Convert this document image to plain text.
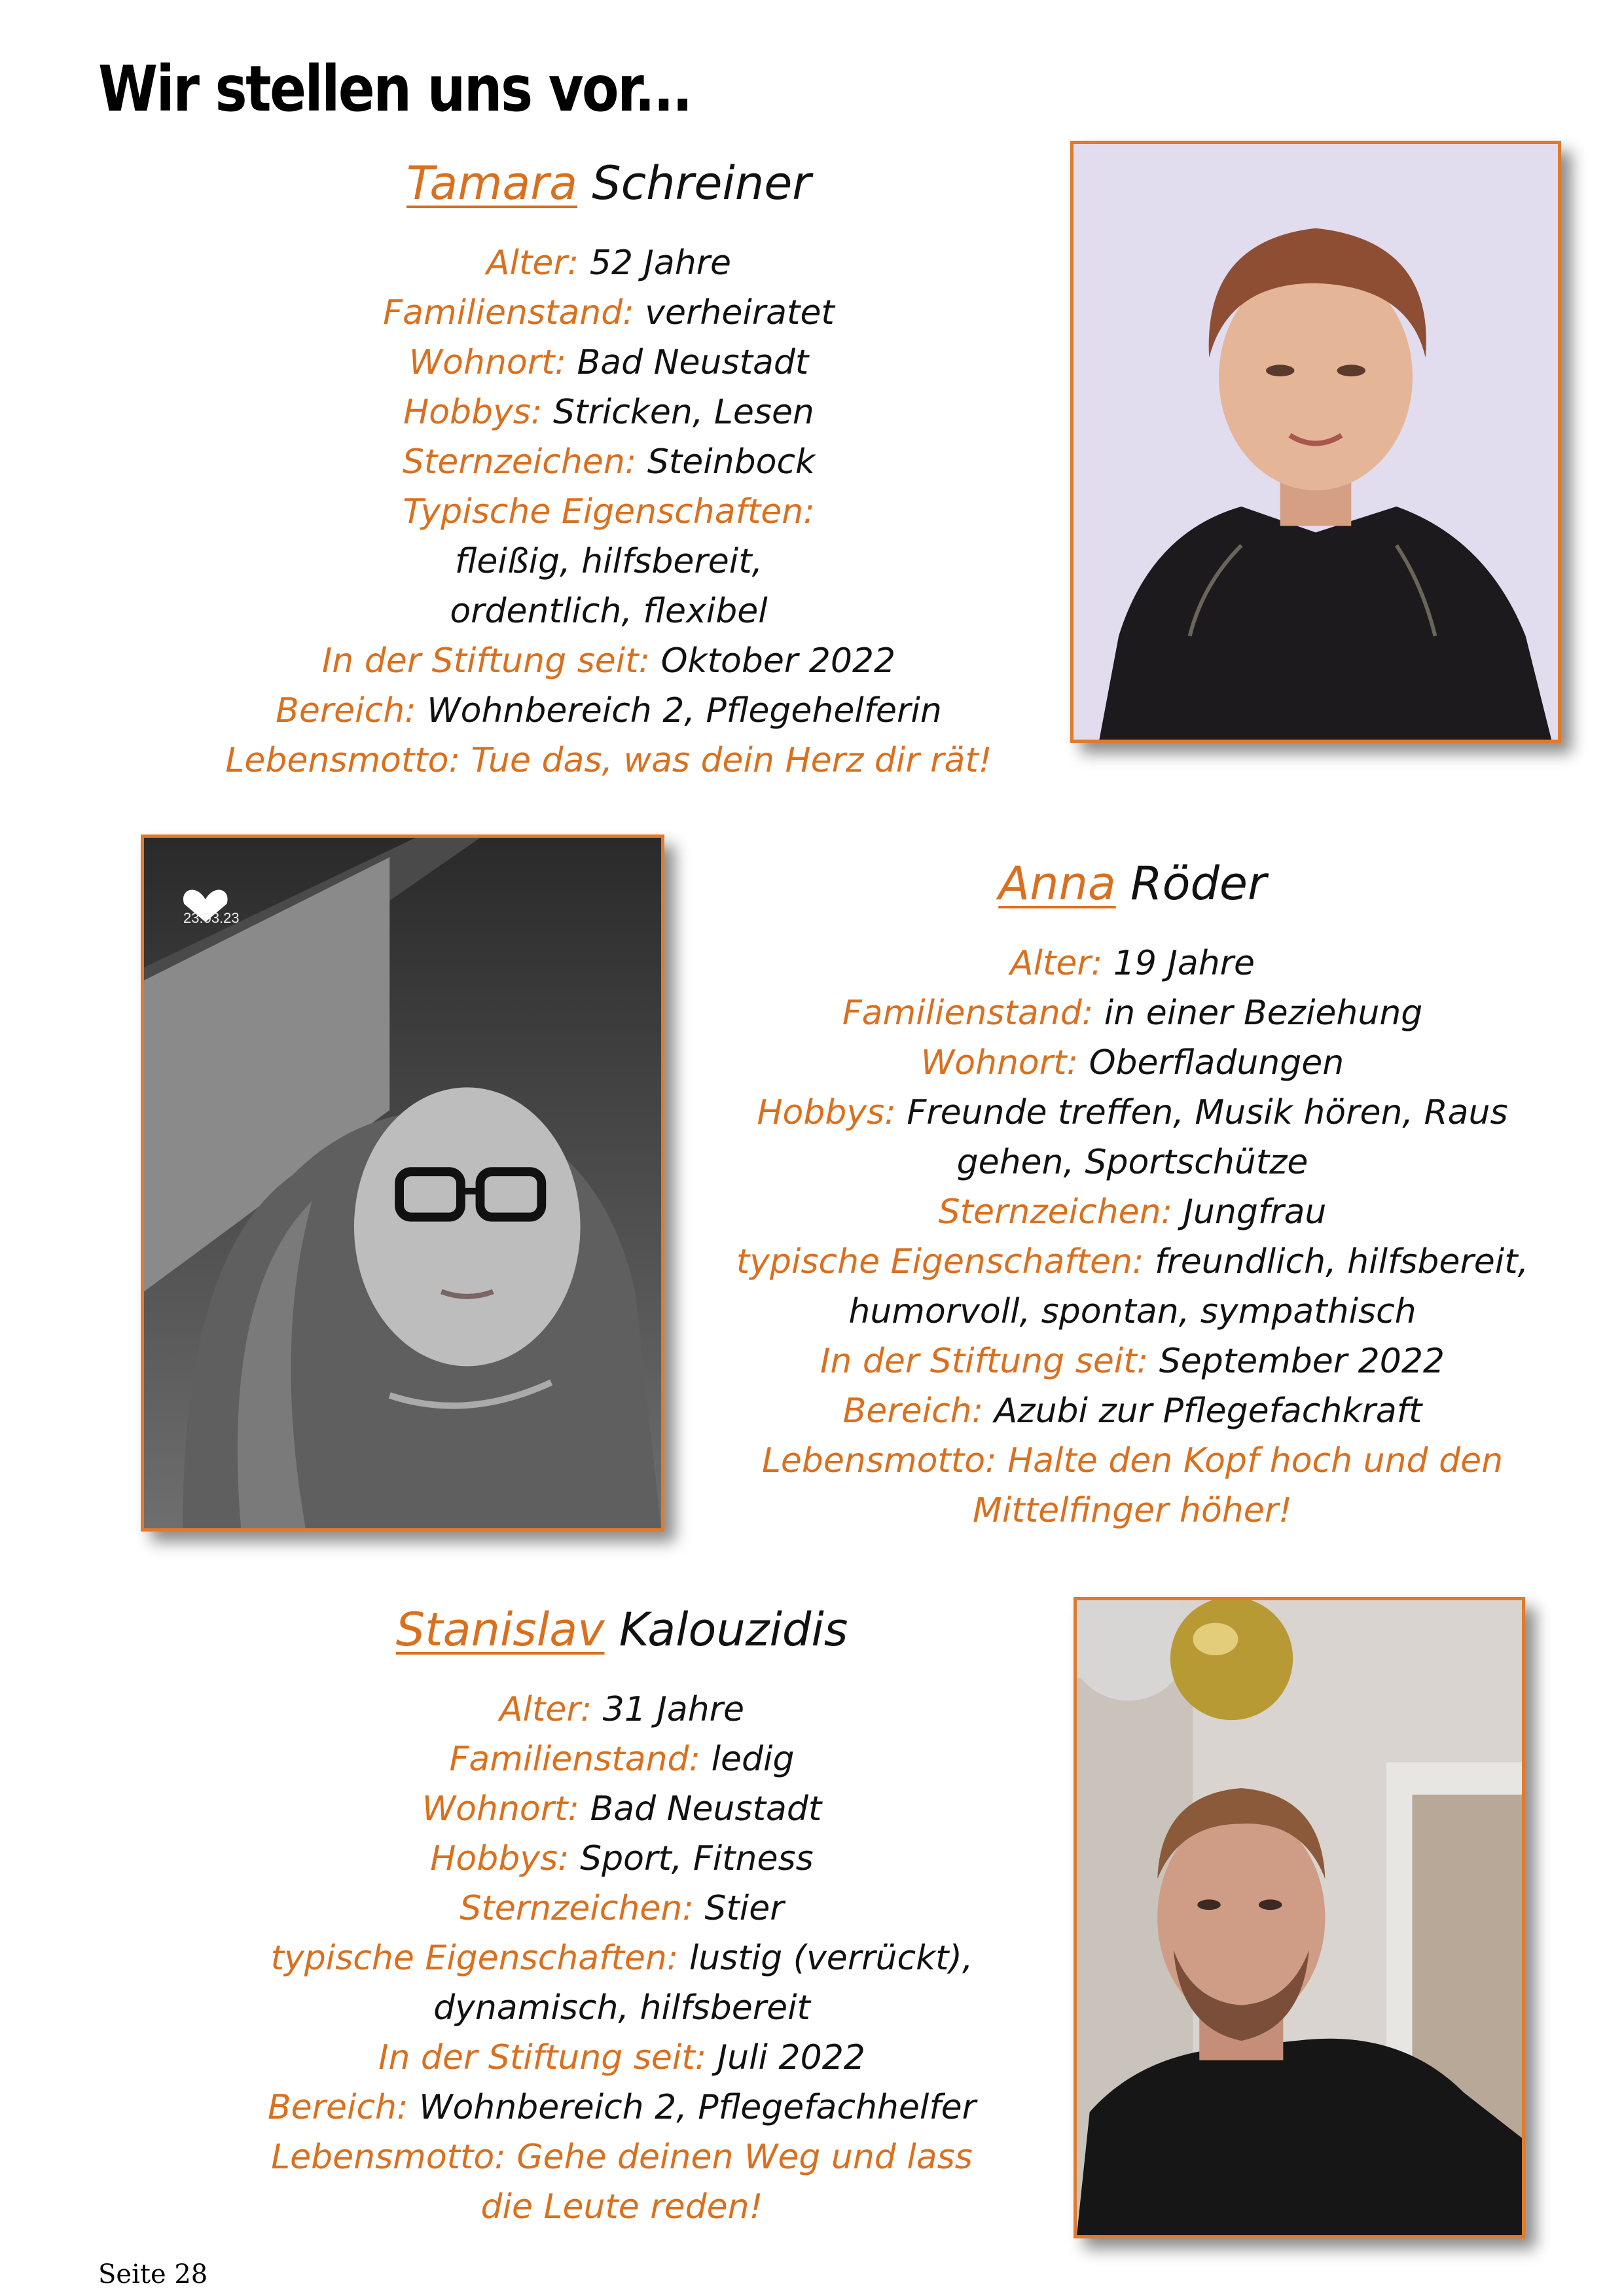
Wir stellen uns vor...
Tamara Schreiner
Alter: 52 Jahre
Familienstand: verheiratet
Wohnort: Bad Neustadt
Hobbys: Stricken, Lesen
Sternzeichen: Steinbock
Typische Eigenschaften: fleißig, hilfsbereit, ordentlich, flexibel
In der Stiftung seit: Oktober 2022
Bereich: Wohnbereich 2, Pflegehelferin
Lebensmotto: Tue das, was dein Herz dir rät!
23.03.23
Anna Röder
Alter: 19 Jahre
Familienstand: in einer Beziehung
Wohnort: Oberfladungen
Hobbys: Freunde treffen, Musik hören, Raus gehen, Sportschütze
Sternzeichen: Jungfrau
typische Eigenschaften: freundlich, hilfsbereit, humorvoll, spontan, sympathisch
In der Stiftung seit: September 2022
Bereich: Azubi zur Pflegefachkraft
Lebensmotto: Halte den Kopf hoch und den Mittelfinger höher!
Stanislav Kalouzidis
Alter: 31 Jahre
Familienstand: ledig
Wohnort: Bad Neustadt
Hobbys: Sport, Fitness
Sternzeichen: Stier
typische Eigenschaften: lustig (verrückt), dynamisch, hilfsbereit
In der Stiftung seit: Juli 2022
Bereich: Wohnbereich 2, Pflegefachhelfer
Lebensmotto: Gehe deinen Weg und lass die Leute reden!
Seite 28
